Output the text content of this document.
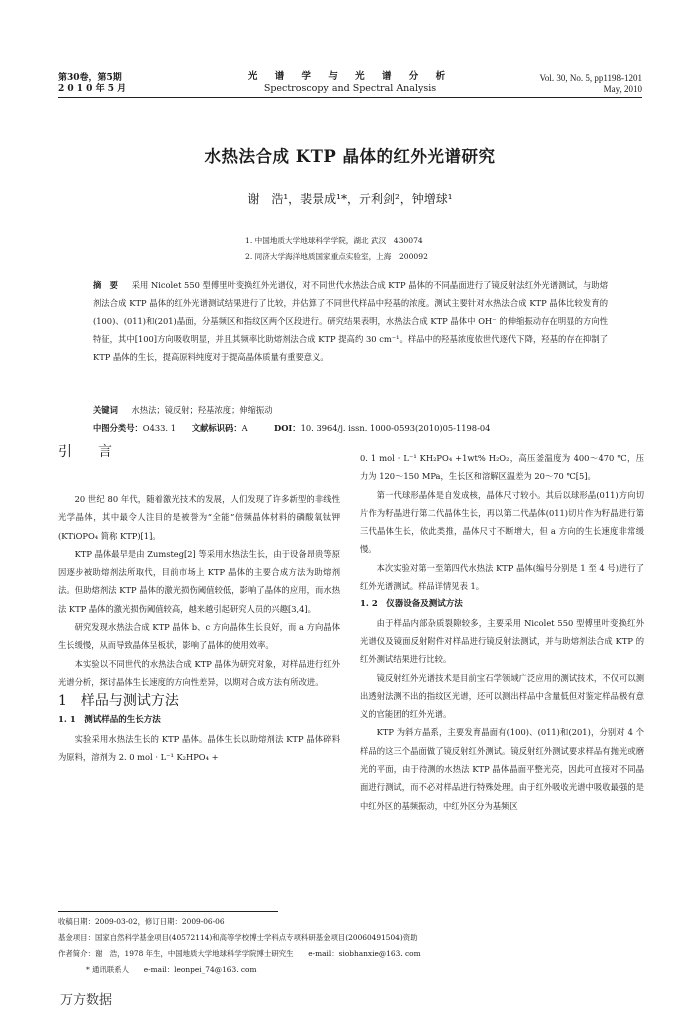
第30卷，第5期
2 0 1 0 年 5 月
光 谱 学 与 光 谱 分 析
Spectroscopy and Spectral Analysis
Vol. 30, No. 5, pp1198-1201
May, 2010
水热法合成 KTP 晶体的红外光谱研究
谢　浩¹，裴景成¹*，亓利剑²，钟增球¹
1. 中国地质大学地球科学学院，湖北 武汉　430074
2. 同济大学海洋地质国家重点实验室，上海　200092
摘　要 　 采用 Nicolet 550 型傅里叶变换红外光谱仪，对不同世代水热法合成 KTP 晶体的不同晶面进行了镜反射法红外光谱测试，与助熔剂法合成 KTP 晶体的红外光谱测试结果进行了比较，并估算了不同世代样品中羟基的浓度。测试主要针对水热法合成 KTP 晶体比较发育的(100)、(011)和(201)晶面，分基频区和指纹区两个区段进行。研究结果表明，水热法合成 KTP 晶体中 OH⁻ 的伸缩振动存在明显的方向性特征，其中[100]方向吸收明显，并且其频率比助熔剂法合成 KTP 提高约 30 cm⁻¹。样品中的羟基浓度依世代逐代下降，羟基的存在抑制了 KTP 晶体的生长，提高原料纯度对于提高晶体质量有重要意义。
关键词 　 水热法；镜反射；羟基浓度；伸缩振动
中图分类号：O433. 1 文献标识码：A	DOI：10. 3964/j. issn. 1000-0593(2010)05-1198-04
引　言

20 世纪 80 年代，随着激光技术的发展，人们发现了许多新型的非线性光学晶体，其中最令人注目的是被誉为“全能”倍频晶体材料的磷酸氧钛钾(KTiOPO₄ 简称 KTP)[1]。

KTP 晶体最早是由 Zumsteg[2] 等采用水热法生长，由于设备昂贵等原因逐步被助熔剂法所取代，目前市场上 KTP 晶体的主要合成方法为助熔剂法。但助熔剂法 KTP 晶体的激光损伤阈值较低，影响了晶体的应用，而水热法 KTP 晶体的激光损伤阈值较高，越来越引起研究人员的兴趣[3,4]。

研究发现水热法合成 KTP 晶体 b、c 方向晶体生长良好，而 a 方向晶体生长缓慢，从而导致晶体呈板状，影响了晶体的使用效率。

本实验以不同世代的水热法合成 KTP 晶体为研究对象，对样品进行红外光谱分析，探讨晶体生长速度的方向性差异，以期对合成方法有所改进。

1　样品与测试方法

1. 1　测试样品的生长方法

实验采用水热法生长的 KTP 晶体。晶体生长以助熔剂法 KTP 晶体碎料为原料，溶剂为 2. 0 mol · L⁻¹ K₂HPO₄ +

0. 1 mol · L⁻¹ KH₂PO₄ +1wt% H₂O₂，高压釜温度为 400～470 ℃，压力为 120～150 MPa，生长区和溶解区温差为 20～70 ℃[5]。

第一代球形晶体是自发成核，晶体尺寸较小。其后以球形晶(011)方向切片作为籽晶进行第二代晶体生长，再以第二代晶体(011)切片作为籽晶进行第三代晶体生长，依此类推，晶体尺寸不断增大，但 a 方向的生长速度非常缓慢。

本次实验对第一至第四代水热法 KTP 晶体(编号分别是 1 至 4 号)进行了红外光谱测试。样品详情见表 1。

1. 2　仪器设备及测试方法

由于样品内部杂质裂隙较多，主要采用 Nicolet 550 型傅里叶变换红外光谱仪及镜面反射附件对样品进行镜反射法测试，并与助熔剂法合成 KTP 的红外测试结果进行比较。

镜反射红外光谱技术是目前宝石学领域广泛应用的测试技术，不仅可以测出透射法测不出的指纹区光谱，还可以测出样品中含量低但对鉴定样品极有意义的官能团的红外光谱。

KTP 为斜方晶系，主要发育晶面有(100)、(011)和(201)，分别对 4 个样品的这三个晶面做了镜反射红外测试。镜反射红外测试要求样品有抛光或磨光的平面，由于待测的水热法 KTP 晶体晶面平整光亮，因此可直接对不同晶面进行测试，而不必对样品进行特殊处理。由于红外吸收光谱中吸收最强的是中红外区的基频振动，中红外区分为基频区

收稿日期：2009-03-02，修订日期：2009-06-06
基金项目：国家自然科学基金项目(40572114)和高等学校博士学科点专项科研基金项目(20060491504)资助
作者简介：谢　浩，1978 年生，中国地质大学地球科学学院博士研究生　　e-mail：siobhanxie@163. com
* 通讯联系人　　e-mail：leonpei_74@163. com
万方数据
